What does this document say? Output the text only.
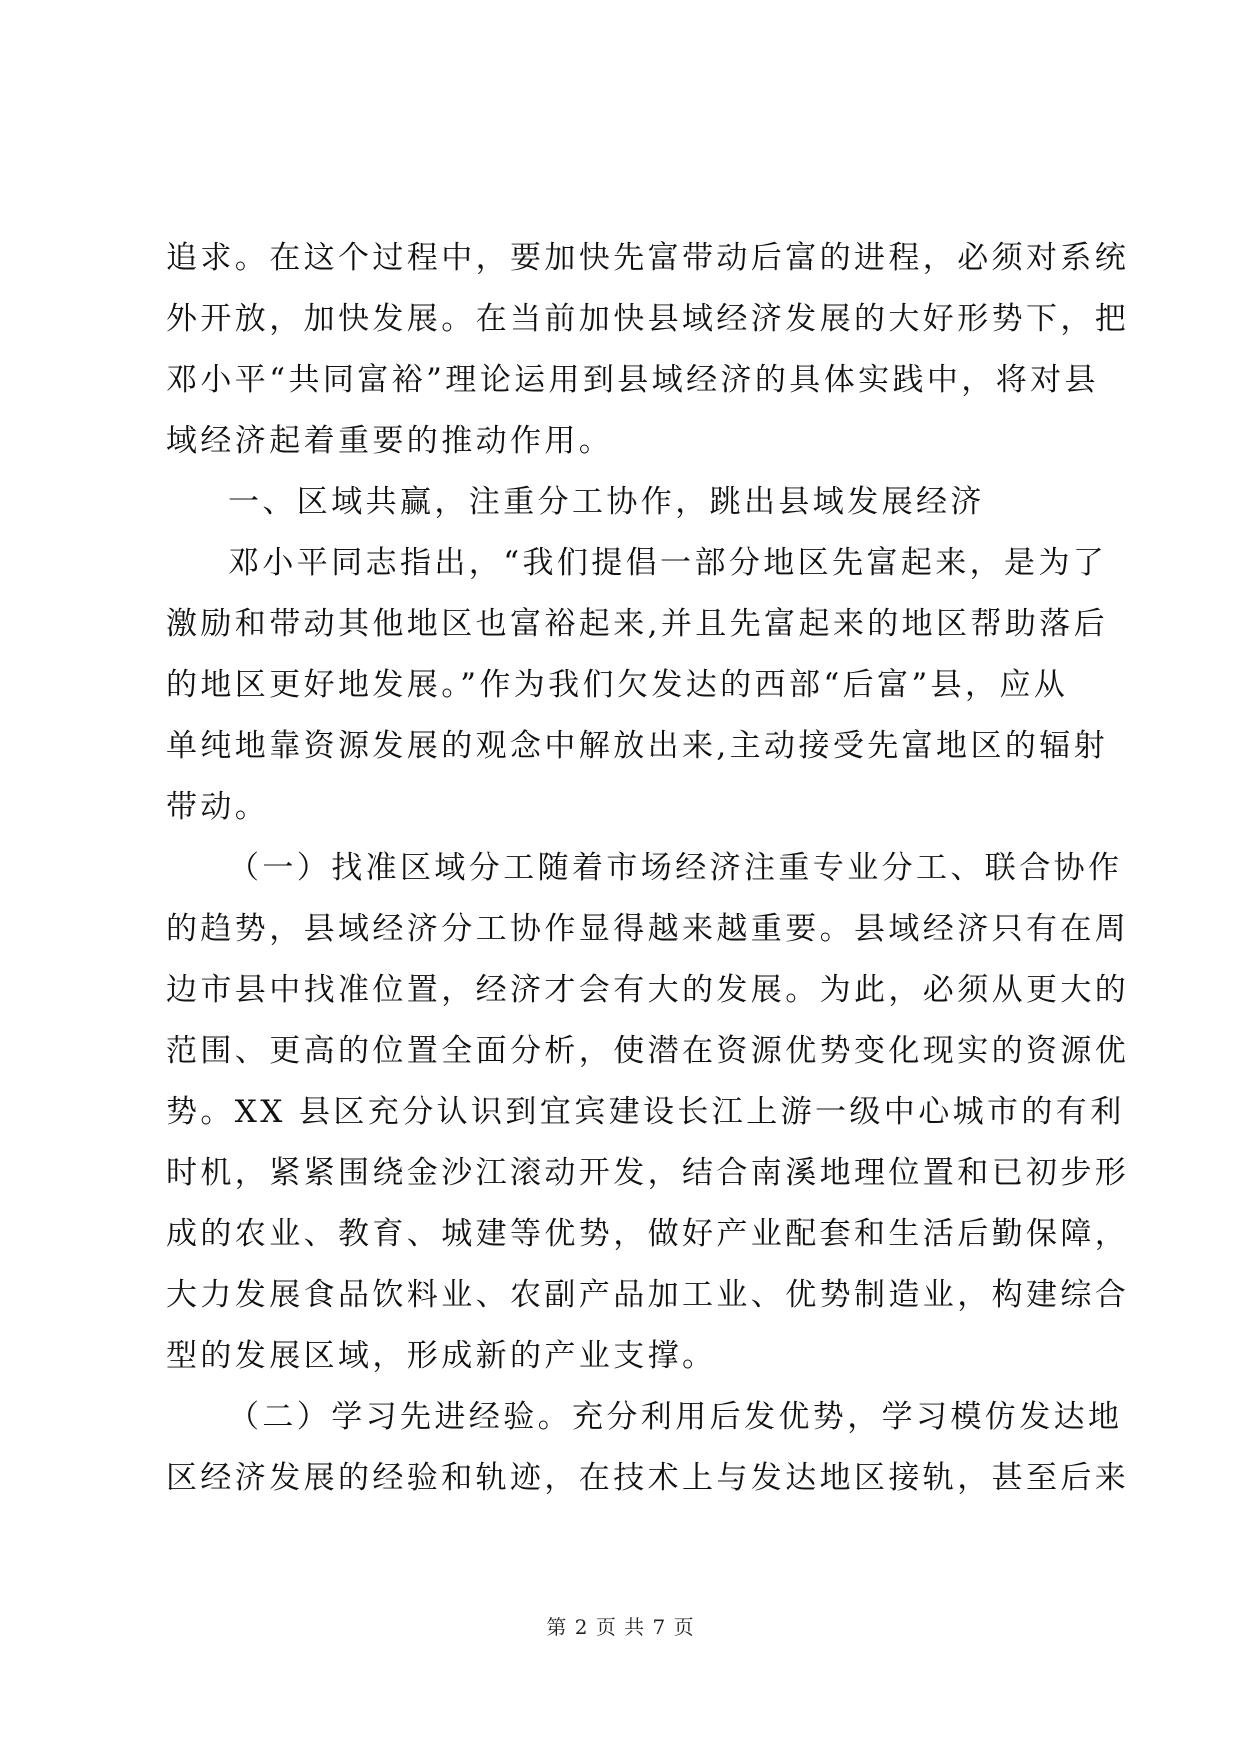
追求。在这个过程中，要加快先富带动后富的进程，必须对系统
外开放，加快发展。在当前加快县域经济发展的大好形势下，把
邓小平“共同富裕”理论运用到县域经济的具体实践中，将对县
域经济起着重要的推动作用。
一、区域共赢，注重分工协作，跳出县域发展经济
邓小平同志指出，“我们提倡一部分地区先富起来，是为了
激励和带动其他地区也富裕起来,并且先富起来的地区帮助落后
的地区更好地发展。”作为我们欠发达的西部“后富”县，应从
单纯地靠资源发展的观念中解放出来,主动接受先富地区的辐射
带动。
（一）找准区域分工随着市场经济注重专业分工、联合协作
的趋势，县域经济分工协作显得越来越重要。县域经济只有在周
边市县中找准位置，经济才会有大的发展。为此，必须从更大的
范围、更高的位置全面分析，使潜在资源优势变化现实的资源优
势。XX 县区充分认识到宜宾建设长江上游一级中心城市的有利
时机，紧紧围绕金沙江滚动开发，结合南溪地理位置和已初步形
成的农业、教育、城建等优势，做好产业配套和生活后勤保障，
大力发展食品饮料业、农副产品加工业、优势制造业，构建综合
型的发展区域，形成新的产业支撑。
（二）学习先进经验。充分利用后发优势，学习模仿发达地
区经济发展的经验和轨迹，在技术上与发达地区接轨，甚至后来
第 2 页 共 7 页
